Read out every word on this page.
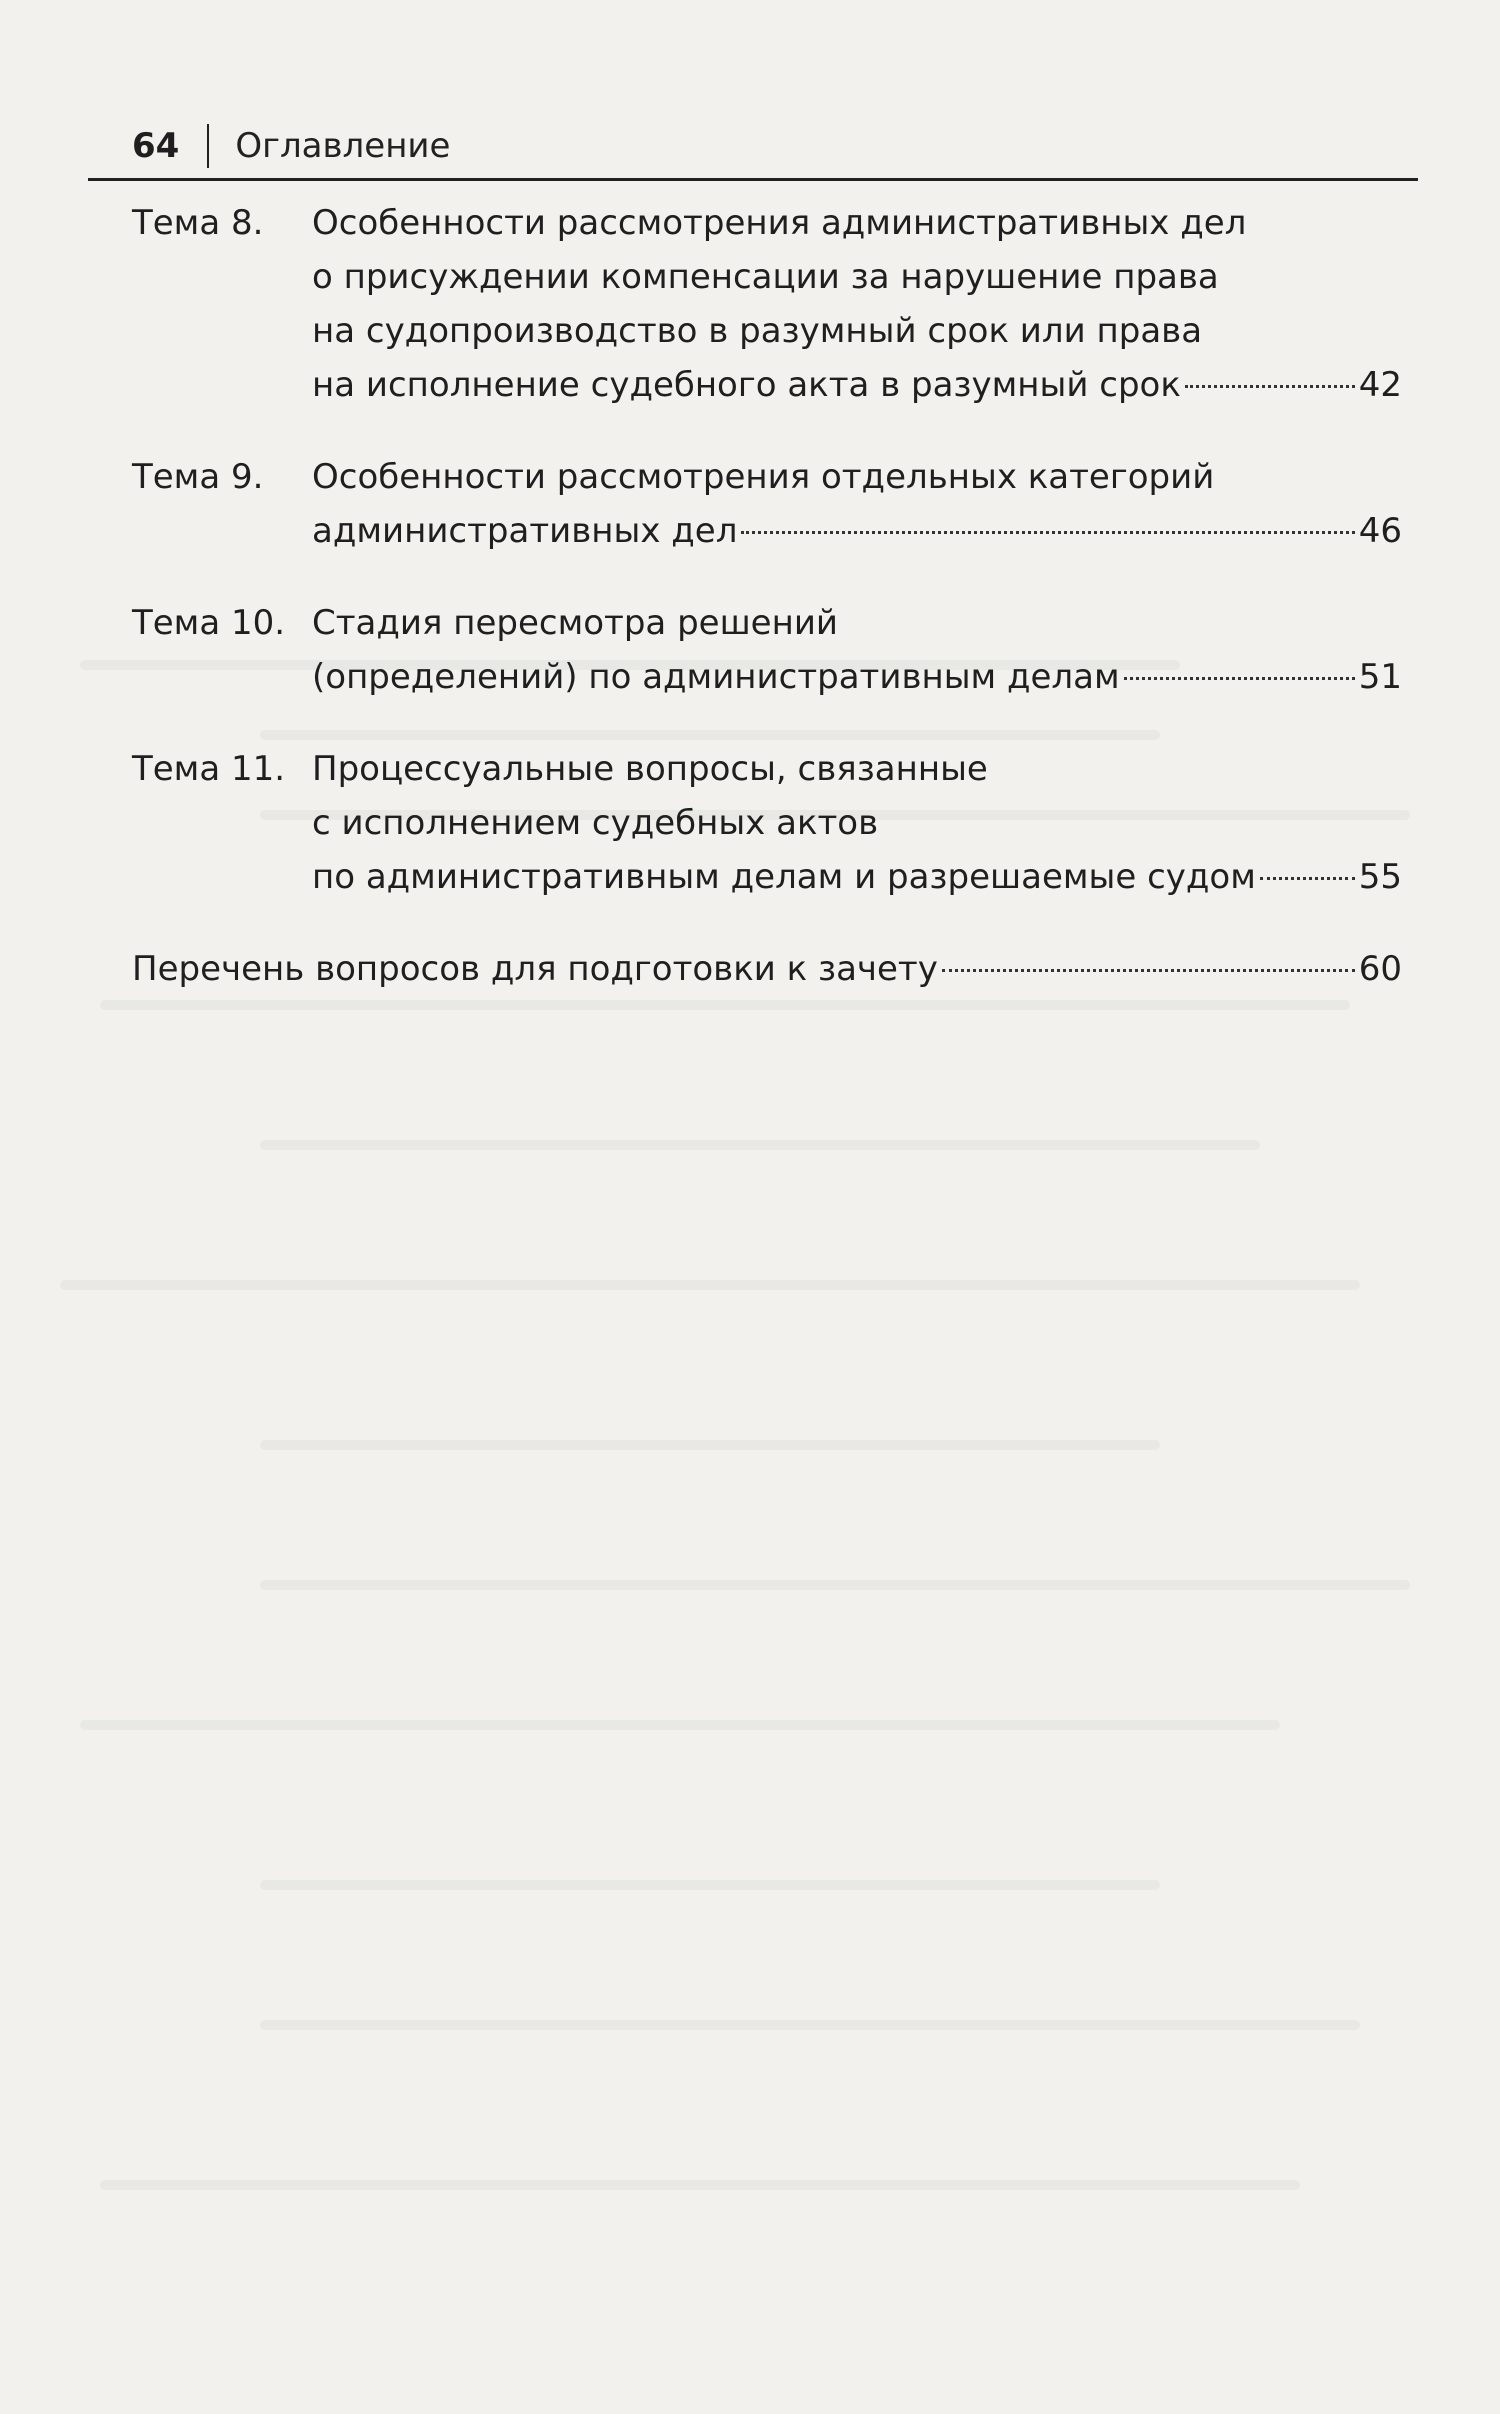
64 Оглавление
Тема 8.	Особенности рассмотрения административных дел
о присуждении компенсации за нарушение права
на судопроизводство в разумный срок или права
на исполнение судебного акта в разумный срок	42
Тема 9.	Особенности рассмотрения отдельных категорий
административных дел	46
Тема 10. Стадия пересмотра решений
(определений) по административным делам	51
Тема 11. Процессуальные вопросы, связанные
с исполнением судебных актов
по административным делам и разрешаемые судом	55
Перечень вопросов для подготовки к зачету	60
